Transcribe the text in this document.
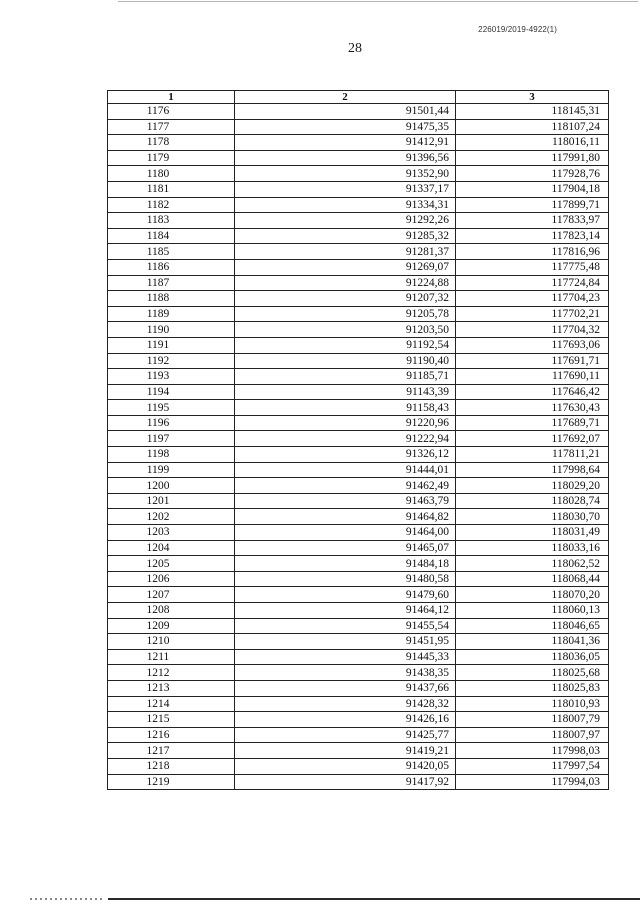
226019/2019-4922(1)
28
1	2	3
1176	91501,44	118145,31
1177	91475,35	118107,24
1178	91412,91	118016,11
1179	91396,56	117991,80
1180	91352,90	117928,76
1181	91337,17	117904,18
1182	91334,31	117899,71
1183	91292,26	117833,97
1184	91285,32	117823,14
1185	91281,37	117816,96
1186	91269,07	117775,48
1187	91224,88	117724,84
1188	91207,32	117704,23
1189	91205,78	117702,21
1190	91203,50	117704,32
1191	91192,54	117693,06
1192	91190,40	117691,71
1193	91185,71	117690,11
1194	91143,39	117646,42
1195	91158,43	117630,43
1196	91220,96	117689,71
1197	91222,94	117692,07
1198	91326,12	117811,21
1199	91444,01	117998,64
1200	91462,49	118029,20
1201	91463,79	118028,74
1202	91464,82	118030,70
1203	91464,00	118031,49
1204	91465,07	118033,16
1205	91484,18	118062,52
1206	91480,58	118068,44
1207	91479,60	118070,20
1208	91464,12	118060,13
1209	91455,54	118046,65
1210	91451,95	118041,36
1211	91445,33	118036,05
1212	91438,35	118025,68
1213	91437,66	118025,83
1214	91428,32	118010,93
1215	91426,16	118007,79
1216	91425,77	118007,97
1217	91419,21	117998,03
1218	91420,05	117997,54
1219	91417,92	117994,03
